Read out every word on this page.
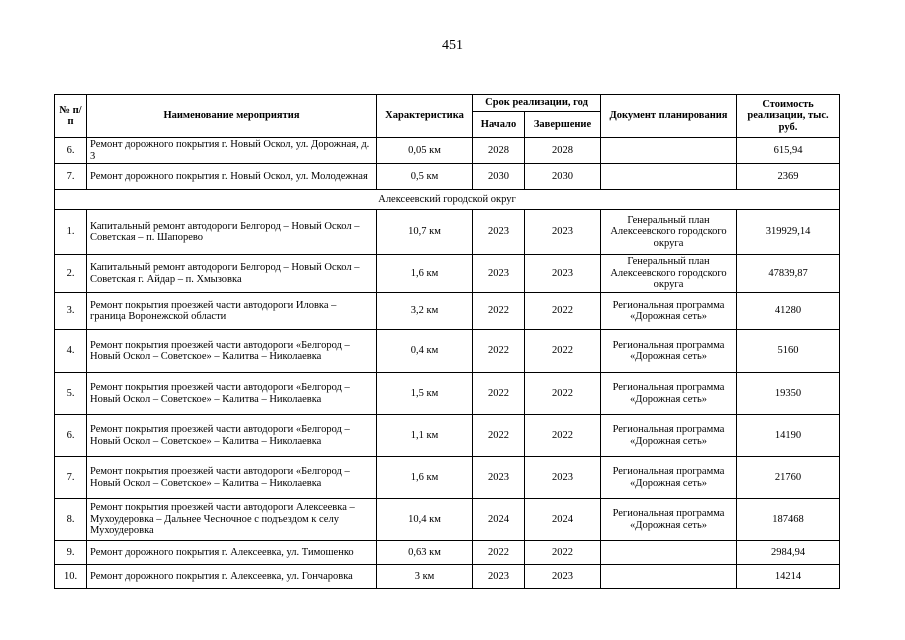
451
№ п/п	Наименование мероприятия	Характеристика	Срок реализации, год		Документ планирования	Стоимость реализации, тыс. руб.
			Начало	Завершение		
6.	Ремонт дорожного покрытия г. Новый Оскол, ул. Дорожная, д. 3	0,05 км	2028	2028		615,94
7.	Ремонт дорожного покрытия г. Новый Оскол, ул. Молодежная	0,5 км	2030	2030		2369
Алексеевский городской округ						
1.	Капитальный ремонт автодороги Белгород – Новый Оскол – Советская – п. Шапорево	10,7 км	2023	2023	Генеральный план Алексеевского городского округа	319929,14
2.	Капитальный ремонт автодороги Белгород – Новый Оскол – Советская г. Айдар – п. Хмызовка	1,6 км	2023	2023	Генеральный план Алексеевского городского округа	47839,87
3.	Ремонт покрытия проезжей части автодороги Иловка – граница Воронежской области	3,2 км	2022	2022	Региональная программа «Дорожная сеть»	41280
4.	Ремонт покрытия проезжей части автодороги «Белгород – Новый Оскол – Советское» – Калитва – Николаевка	0,4 км	2022	2022	Региональная программа «Дорожная сеть»	5160
5.	Ремонт покрытия проезжей части автодороги «Белгород – Новый Оскол – Советское» – Калитва – Николаевка	1,5 км	2022	2022	Региональная программа «Дорожная сеть»	19350
6.	Ремонт покрытия проезжей части автодороги «Белгород – Новый Оскол – Советское» – Калитва – Николаевка	1,1 км	2022	2022	Региональная программа «Дорожная сеть»	14190
7.	Ремонт покрытия проезжей части автодороги «Белгород – Новый Оскол – Советское» – Калитва – Николаевка	1,6 км	2023	2023	Региональная программа «Дорожная сеть»	21760
8.	Ремонт покрытия проезжей части автодороги Алексеевка – Мухоудеровка – Дальнее Чесночное с подъездом к селу Мухоудеровка	10,4 км	2024	2024	Региональная программа «Дорожная сеть»	187468
9.	Ремонт дорожного покрытия г. Алексеевка, ул. Тимошенко	0,63 км	2022	2022		2984,94
10.	Ремонт дорожного покрытия г. Алексеевка, ул. Гончаровка	3 км	2023	2023		14214
